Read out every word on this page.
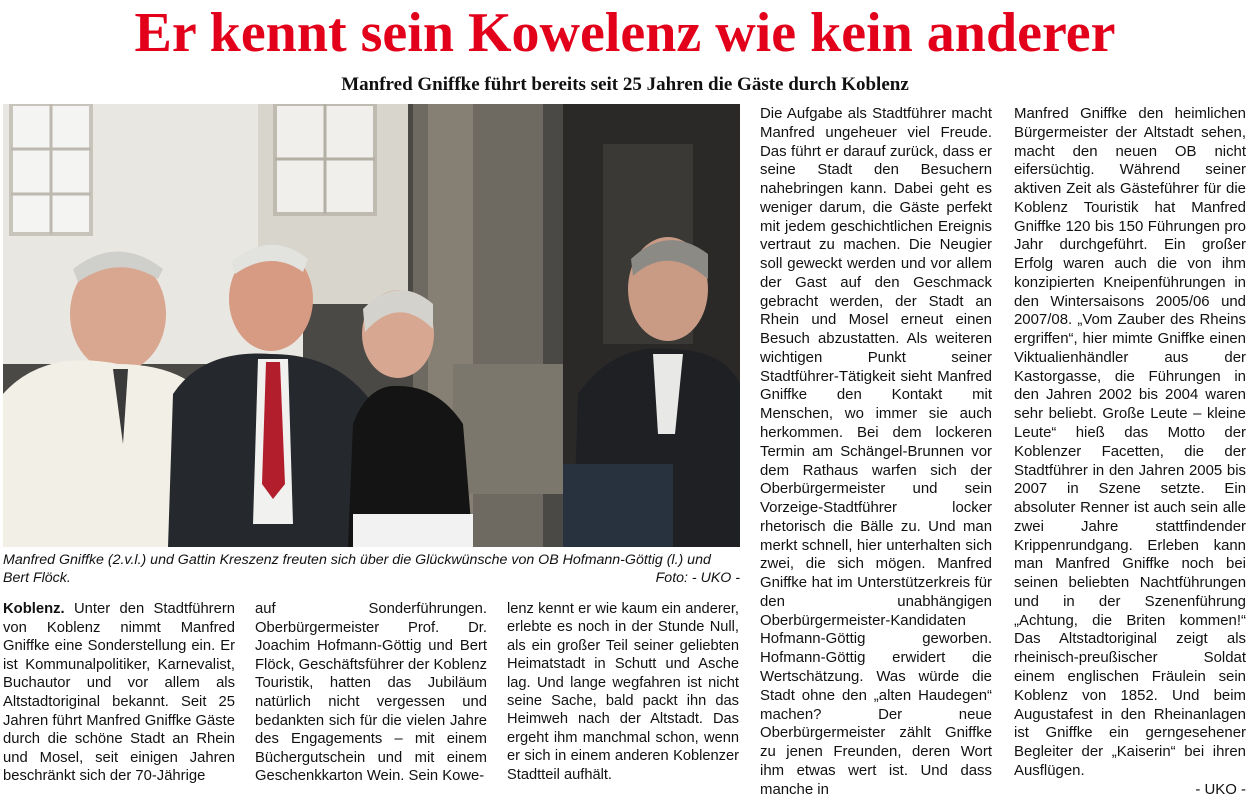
Er kennt sein Kowelenz wie kein anderer
Manfred Gniffke führt bereits seit 25 Jahren die Gäste durch Koblenz
Manfred Gniffke (2.v.l.) und Gattin Kreszenz freuten sich über die Glückwünsche von OB Hofmann-Göttig (l.) und Bert Flöck.	Foto: - UKO -

Koblenz. Unter den Stadtführern von Koblenz nimmt Manfred Gniffke eine Sonderstellung ein. Er ist Kommunalpolitiker, Karnevalist, Buchautor und vor allem als Altstadtoriginal bekannt. Seit 25 Jahren führt Manfred Gniffke Gäste durch die schöne Stadt an Rhein und Mosel, seit einigen Jahren beschränkt sich der 70-Jährige

auf Sonderführungen. Oberbürgermeister Prof. Dr. Joachim Hofmann-Göttig und Bert Flöck, Geschäftsführer der Koblenz Touristik, hatten das Jubiläum natürlich nicht vergessen und bedankten sich für die vielen Jahre des Engagements – mit einem Büchergutschein und mit einem Geschenkkarton Wein. Sein Kowe-

lenz kennt er wie kaum ein anderer, erlebte es noch in der Stunde Null, als ein großer Teil seiner geliebten Heimatstadt in Schutt und Asche lag. Und lange wegfahren ist nicht seine Sache, bald packt ihn das Heimweh nach der Altstadt. Das ergeht ihm manchmal schon, wenn er sich in einem anderen Koblenzer Stadtteil aufhält.

Die Aufgabe als Stadtführer macht Manfred ungeheuer viel Freude. Das führt er darauf zurück, dass er seine Stadt den Besuchern nahebringen kann. Dabei geht es weniger darum, die Gäste perfekt mit jedem geschichtlichen Ereignis vertraut zu machen. Die Neugier soll geweckt werden und vor allem der Gast auf den Geschmack gebracht werden, der Stadt an Rhein und Mosel erneut einen Besuch abzustatten. Als weiteren wichtigen Punkt seiner Stadtführer-Tätigkeit sieht Manfred Gniffke den Kontakt mit Menschen, wo immer sie auch herkommen. Bei dem lockeren Termin am Schängel-Brunnen vor dem Rathaus warfen sich der Oberbürgermeister und sein Vorzeige-Stadtführer locker rhetorisch die Bälle zu. Und man merkt schnell, hier unterhalten sich zwei, die sich mögen. Manfred Gniffke hat im Unterstützerkreis für den unabhängigen Oberbürgermeister-Kandidaten Hofmann-Göttig geworben. Hofmann-Göttig erwidert die Wertschätzung. Was würde die Stadt ohne den „alten Haudegen“ machen? Der neue Oberbürgermeister zählt Gniffke zu jenen Freunden, deren Wort ihm etwas wert ist. Und dass manche in

Manfred Gniffke den heimlichen Bürgermeister der Altstadt sehen, macht den neuen OB nicht eifersüchtig. Während seiner aktiven Zeit als Gästeführer für die Koblenz Touristik hat Manfred Gniffke 120 bis 150 Führungen pro Jahr durchgeführt. Ein großer Erfolg waren auch die von ihm konzipierten Kneipenführungen in den Wintersaisons 2005/06 und 2007/08. „Vom Zauber des Rheins ergriffen“, hier mimte Gniffke einen Viktualienhändler aus der Kastorgasse, die Führungen in den Jahren 2002 bis 2004 waren sehr beliebt. Große Leute – kleine Leute“ hieß das Motto der Koblenzer Facetten, die der Stadtführer in den Jahren 2005 bis 2007 in Szene setzte. Ein absoluter Renner ist auch sein alle zwei Jahre stattfindender Krippenrundgang. Erleben kann man Manfred Gniffke noch bei seinen beliebten Nachtführungen und in der Szenenführung „Achtung, die Briten kommen!“ Das Altstadtoriginal zeigt als rheinisch-preußischer Soldat einem englischen Fräulein sein Koblenz von 1852. Und beim Augustafest in den Rheinanlagen ist Gniffke ein gerngesehener Begleiter der „Kaiserin“ bei ihren Ausflügen.

- UKO -
